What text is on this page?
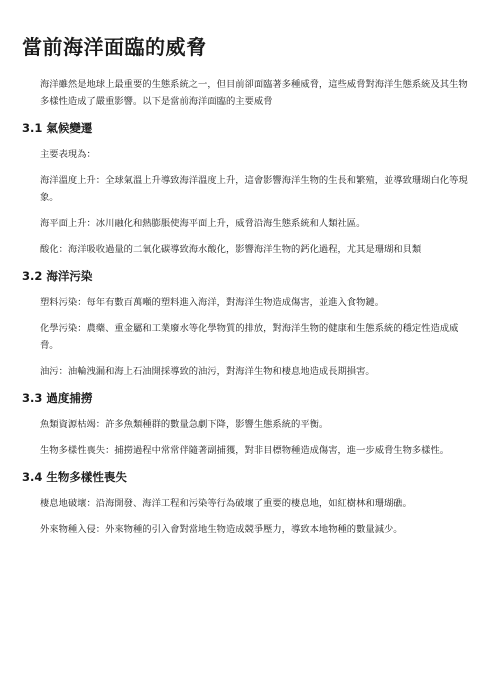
當前海洋面臨的威脅

海洋雖然是地球上最重要的生態系統之一，但目前卻面臨著多種威脅，這些威脅對海洋生態系統及其生物多樣性造成了嚴重影響。以下是當前海洋面臨的主要威脅

3.1 氣候變遷

主要表現為：

海洋溫度上升：全球氣溫上升導致海洋溫度上升，這會影響海洋生物的生長和繁殖，並導致珊瑚白化等現象。

海平面上升：冰川融化和熱膨脹使海平面上升，威脅沿海生態系統和人類社區。

酸化：海洋吸收過量的二氧化碳導致海水酸化，影響海洋生物的鈣化過程，尤其是珊瑚和貝類

3.2 海洋污染

塑料污染：每年有數百萬噸的塑料進入海洋，對海洋生物造成傷害，並進入食物鏈。

化學污染：農藥、重金屬和工業廢水等化學物質的排放，對海洋生物的健康和生態系統的穩定性造成威脅。

油污：油輪洩漏和海上石油開採導致的油污，對海洋生物和棲息地造成長期損害。

3.3 過度捕撈

魚類資源枯竭：許多魚類種群的數量急劇下降，影響生態系統的平衡。

生物多樣性喪失：捕撈過程中常常伴隨著副捕獲，對非目標物種造成傷害，進一步威脅生物多樣性。

3.4 生物多樣性喪失

棲息地破壞：沿海開發、海洋工程和污染等行為破壞了重要的棲息地，如紅樹林和珊瑚礁。

外來物種入侵：外來物種的引入會對當地生物造成競爭壓力，導致本地物種的數量減少。
